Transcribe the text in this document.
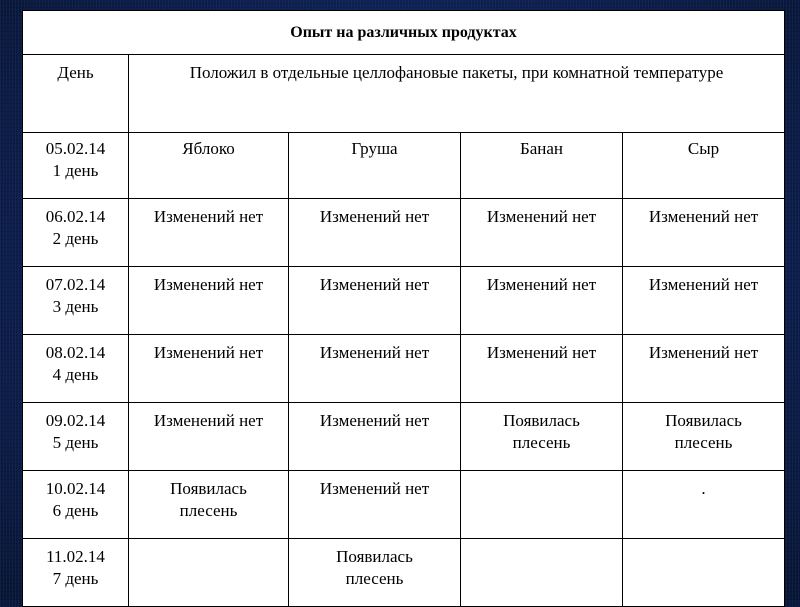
Опыт на различных продуктах				
День	Положил в отдельные целлофановые пакеты, при комнатной температуре			

05.02.14
1 день	Яблоко	Груша	Банан	Сыр

06.02.14
2 день	Изменений нет	Изменений нет	Изменений нет	Изменений нет

07.02.14
3 день	Изменений нет	Изменений нет	Изменений нет	Изменений нет

08.02.14
4 день	Изменений нет	Изменений нет	Изменений нет	Изменений нет

09.02.14
5 день	Изменений нет	Изменений нет	Появилась
плесень	Появилась
плесень

10.02.14
6 день	Появилась
плесень	Изменений нет		.

11.02.14
7 день		Появилась
плесень		
